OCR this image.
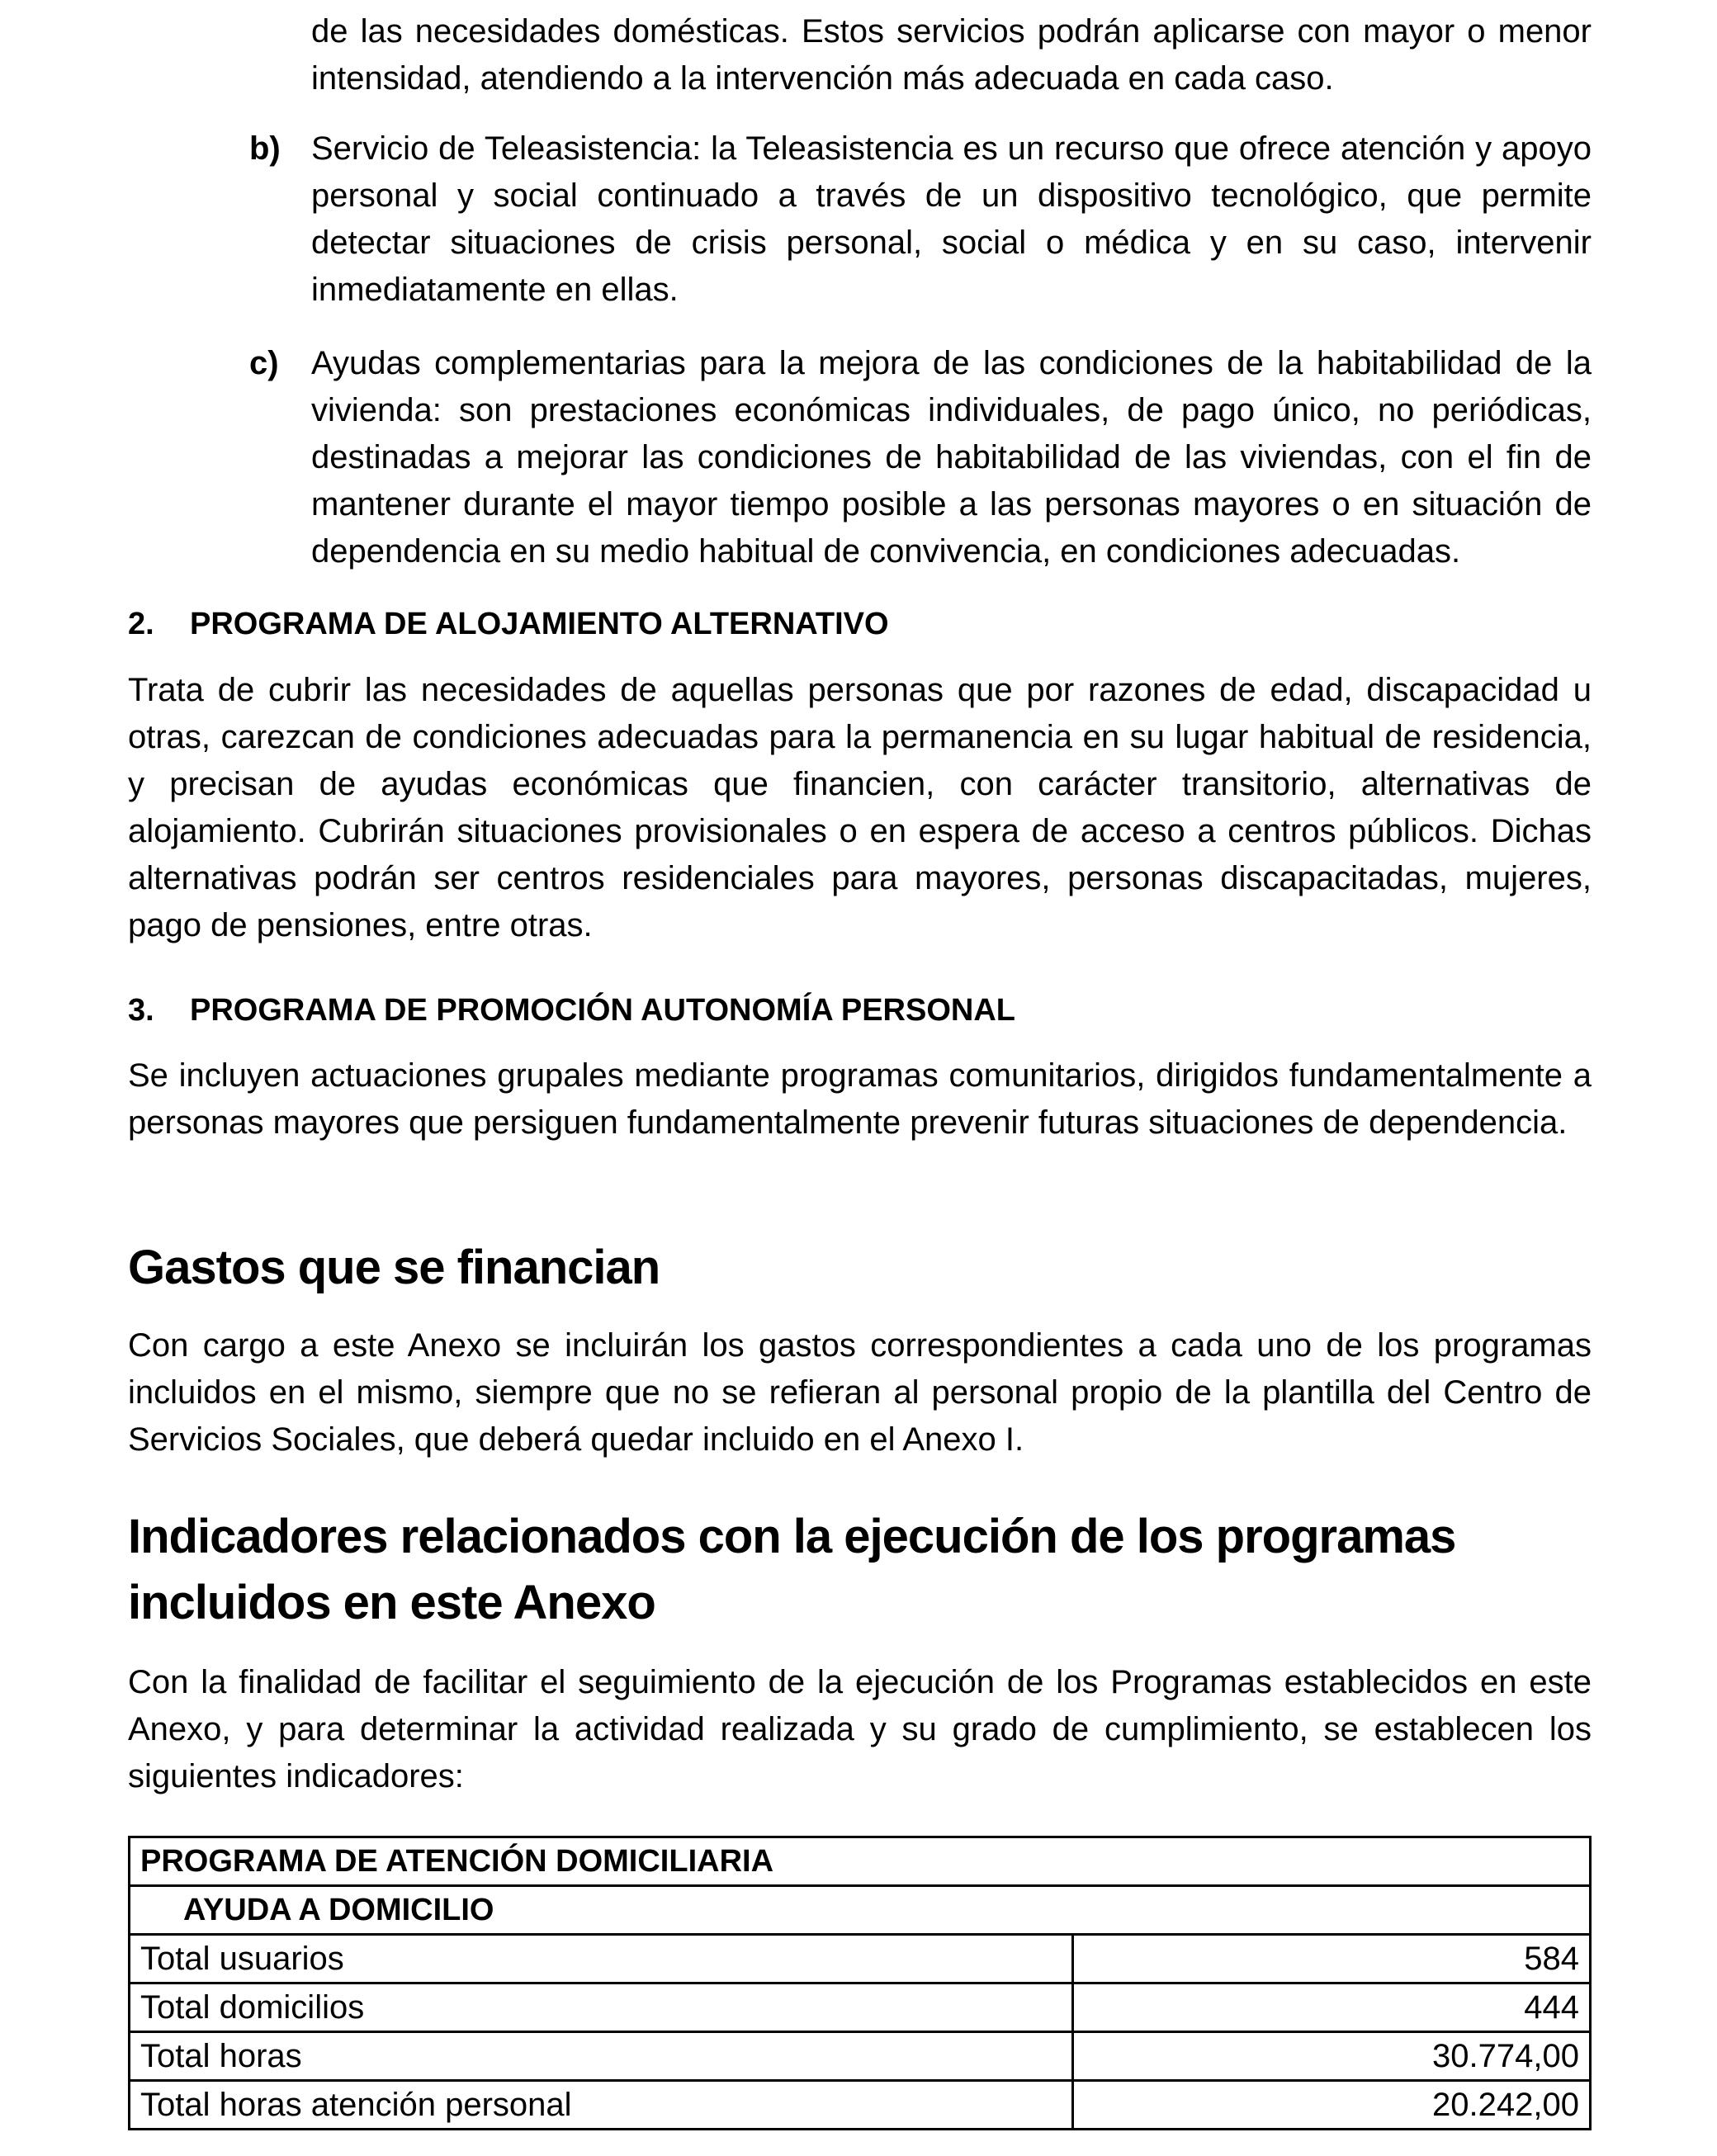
de las necesidades domésticas. Estos servicios podrán aplicarse con mayor o menor intensidad, atendiendo a la intervención más adecuada en cada caso.

b) Servicio de Teleasistencia: la Teleasistencia es un recurso que ofrece atención y apoyo personal y social continuado a través de un dispositivo tecnológico, que permite detectar situaciones de crisis personal, social o médica y en su caso, intervenir inmediatamente en ellas.

c) Ayudas complementarias para la mejora de las condiciones de la habitabilidad de la vivienda: son prestaciones económicas individuales, de pago único, no periódicas, destinadas a mejorar las condiciones de habitabilidad de las viviendas, con el fin de mantener durante el mayor tiempo posible a las personas mayores o en situación de dependencia en su medio habitual de convivencia, en condiciones adecuadas.

2.	PROGRAMA DE ALOJAMIENTO ALTERNATIVO

Trata de cubrir las necesidades de aquellas personas que por razones de edad, discapacidad u otras, carezcan de condiciones adecuadas para la permanencia en su lugar habitual de residencia, y precisan de ayudas económicas que financien, con carácter transitorio, alternativas de alojamiento. Cubrirán situaciones provisionales o en espera de acceso a centros públicos. Dichas alternativas podrán ser centros residenciales para mayores, personas discapacitadas, mujeres, pago de pensiones, entre otras.

3.	PROGRAMA DE PROMOCIÓN AUTONOMÍA PERSONAL

Se incluyen actuaciones grupales mediante programas comunitarios, dirigidos fundamentalmente a personas mayores que persiguen fundamentalmente prevenir futuras situaciones de dependencia.

Gastos que se financian

Con cargo a este Anexo se incluirán los gastos correspondientes a cada uno de los programas incluidos en el mismo, siempre que no se refieran al personal propio de la plantilla del Centro de Servicios Sociales, que deberá quedar incluido en el Anexo I.

Indicadores relacionados con la ejecución de los programas incluidos en este Anexo

Con la finalidad de facilitar el seguimiento de la ejecución de los Programas establecidos en este Anexo, y para determinar la actividad realizada y su grado de cumplimiento, se establecen los siguientes indicadores:

PROGRAMA DE ATENCIÓN DOMICILIARIA	
AYUDA A DOMICILIO	
Total usuarios	584
Total domicilios	444
Total horas	30.774,00
Total horas atención personal	20.242,00
